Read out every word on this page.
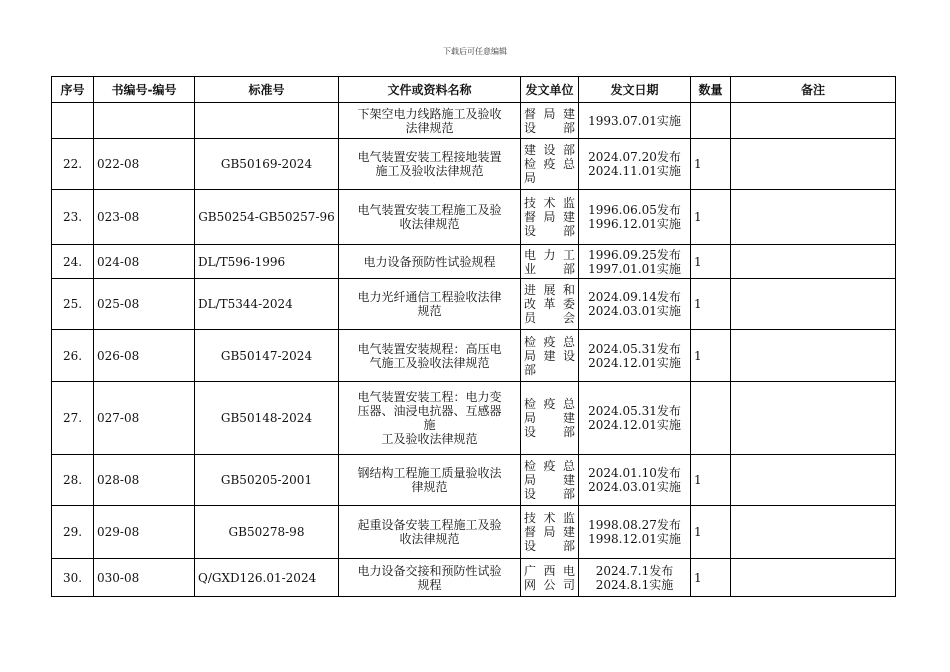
下载后可任意编辑
序号	书编号-编号	标准号	文件或资料名称	发文单位	发文日期	数量	备注
			下架空电力线路施工及验收
法律规范	督 局 建
设　部	1993.07.01实施		
22.	022-08	GB50169-2024	电气装置安装工程接地装置
施工及验收法律规范	建设部
检疫总
局	2024.07.20发布
2024.11.01实施	1	
23.	023-08	GB50254-GB50257-96	电气装置安装工程施工及验
收法律规范	技术监
督局建
设　部	1996.06.05发布
1996.12.01实施	1	
24.	024-08	DL/T596-1996	电力设备预防性试验规程	电力工
业　部	1996.09.25发布
1997.01.01实施	1	
25.	025-08	DL/T5344-2024	电力光纤通信工程验收法律
规范	进展和
改革委
员　会	2024.09.14发布
2024.03.01实施	1	
26.	026-08	GB50147-2024	电气装置安装规程：高压电
气施工及验收法律规范	检疫总
局建设
部	2024.05.31发布
2024.12.01实施	1	
27.	027-08	GB50148-2024	电气装置安装工程：电力变
压器、油浸电抗器、互感器
施
工及验收法律规范	检疫总
局　建
设　部	2024.05.31发布
2024.12.01实施		
28.	028-08	GB50205-2001	钢结构工程施工质量验收法
律规范	检疫总
局　建
设　部	2024.01.10发布
2024.03.01实施	1	
29.	029-08	GB50278-98	起重设备安装工程施工及验
收法律规范	技术监
督局建
设　部	1998.08.27发布
1998.12.01实施	1	
30.	030-08	Q/GXD126.01-2024	电力设备交接和预防性试验
规程	广西电
网公司	2024.7.1发布
2024.8.1实施	1	
